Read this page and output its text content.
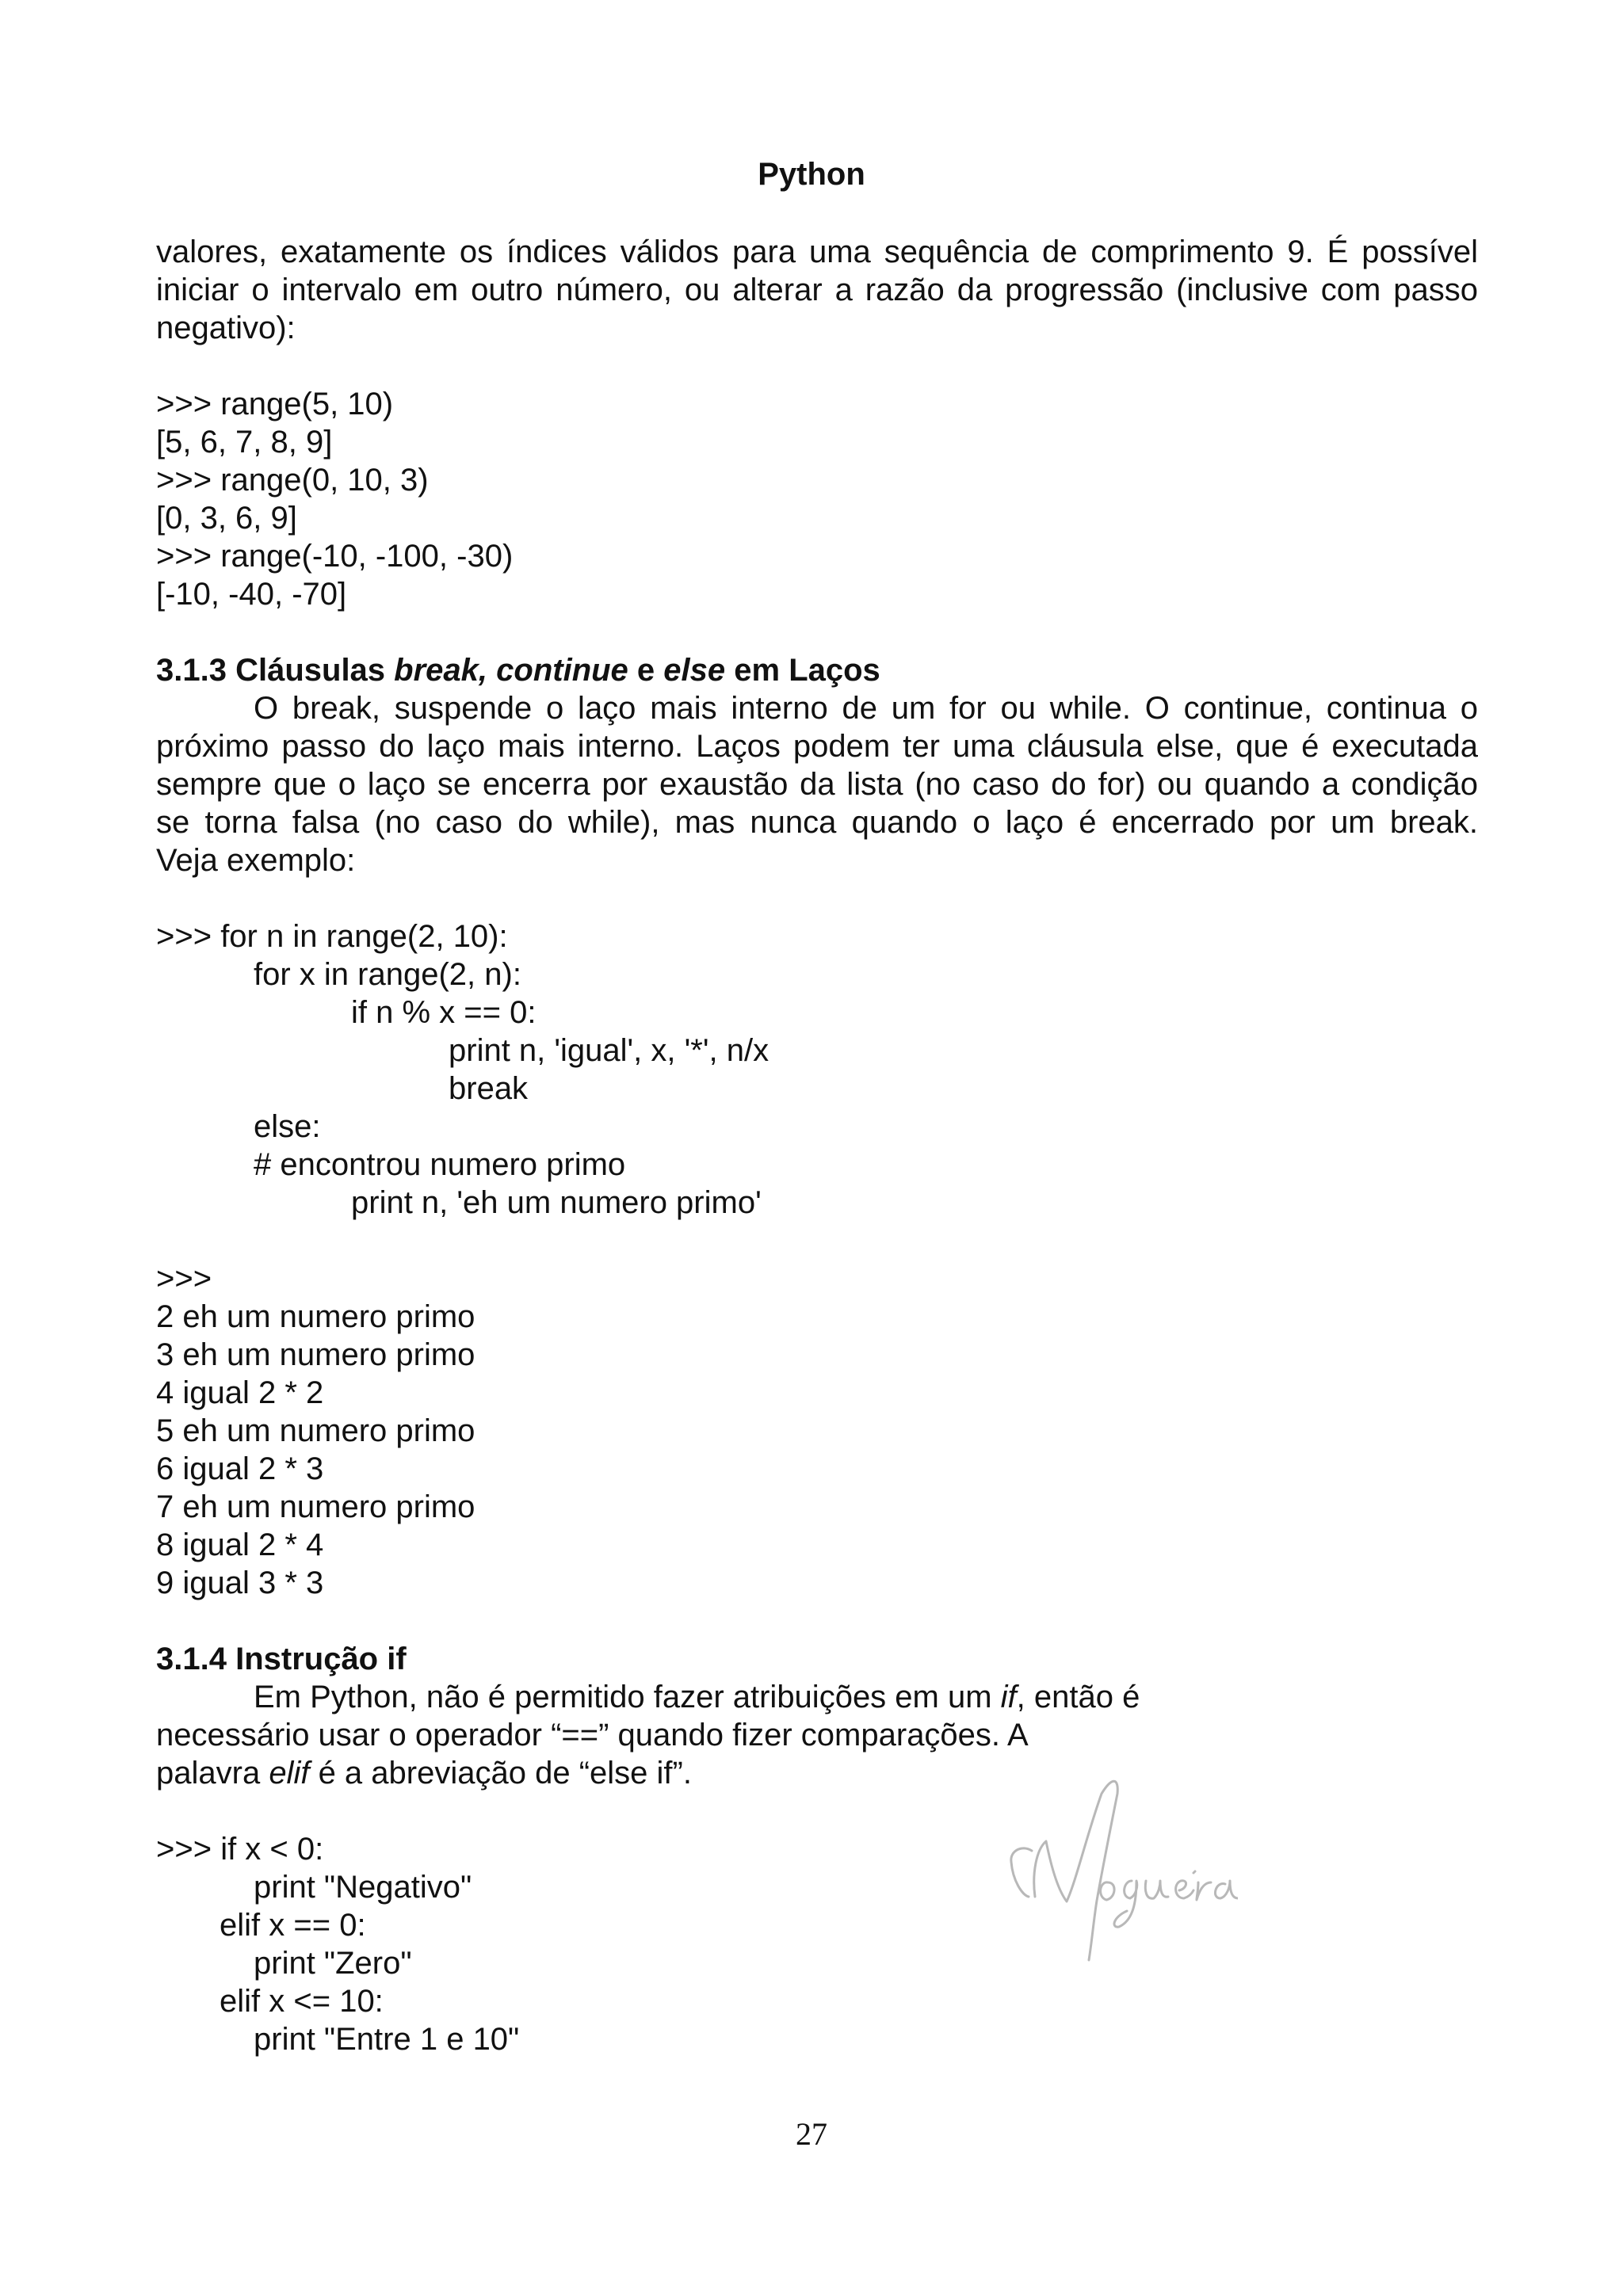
Python
valores, exatamente os índices válidos para uma sequência de comprimento 9. É possível
iniciar o intervalo em outro número, ou alterar a razão da progressão (inclusive com passo
negativo):
>>> range(5, 10)
[5, 6, 7, 8, 9]
>>> range(0, 10, 3)
[0, 3, 6, 9]
>>> range(-10, -100, -30)
[-10, -40, -70]
3.1.3 Cláusulas break, continue e else em Laços
O break, suspende o laço mais interno de um for ou while. O continue, continua o
próximo passo do laço mais interno. Laços podem ter uma cláusula else, que é executada
sempre que o laço se encerra por exaustão da lista (no caso do for) ou quando a condição
se torna falsa (no caso do while), mas nunca quando o laço é encerrado por um break.
Veja exemplo:
>>> for n in range(2, 10):
for x in range(2, n):
if n % x == 0:
print n, 'igual', x, '*', n/x
break
else:
# encontrou numero primo
print n, 'eh um numero primo'
>>>
2 eh um numero primo
3 eh um numero primo
4 igual 2 * 2
5 eh um numero primo
6 igual 2 * 3
7 eh um numero primo
8 igual 2 * 4
9 igual 3 * 3
3.1.4 Instrução if
Em Python, não é permitido fazer atribuições em um if, então é
necessário usar o operador “==” quando fizer comparações. A
palavra elif é a abreviação de “else if”.
>>> if x < 0:
print "Negativo"
elif x == 0:
print "Zero"
elif x <= 10:
print "Entre 1 e 10"
27
